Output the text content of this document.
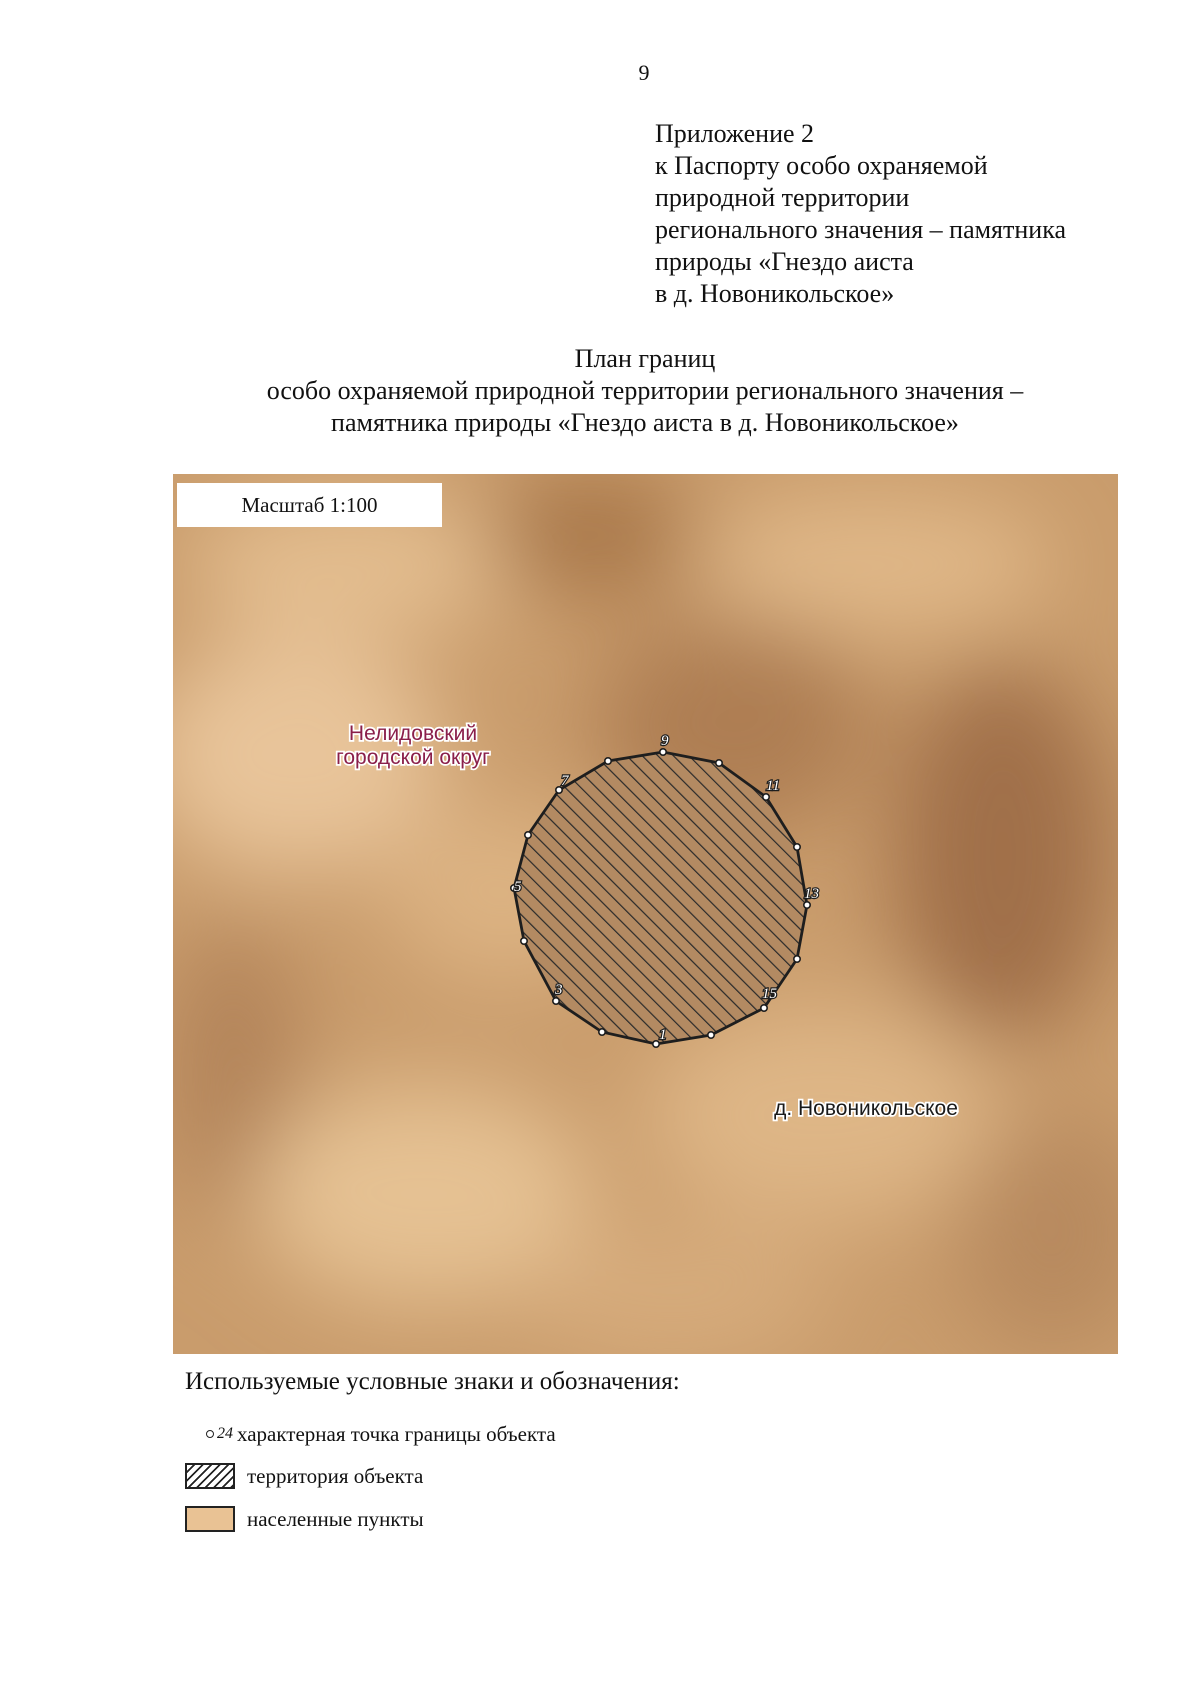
9
Приложение 2
к Паспорту особо охраняемой
природной территории
регионального значения – памятника
природы «Гнездо аиста
в д. Новоникольское»
План границ
особо охраняемой природной территории регионального значения –
памятника природы «Гнездо аиста в д. Новоникольское»
1
3
5
7
9
11
13
15
Нелидовский
городской округ
д. Новоникольское
Масштаб 1:100
Используемые условные знаки и обозначения:
24 характерная точка границы объекта
территория объекта
населенные пункты
